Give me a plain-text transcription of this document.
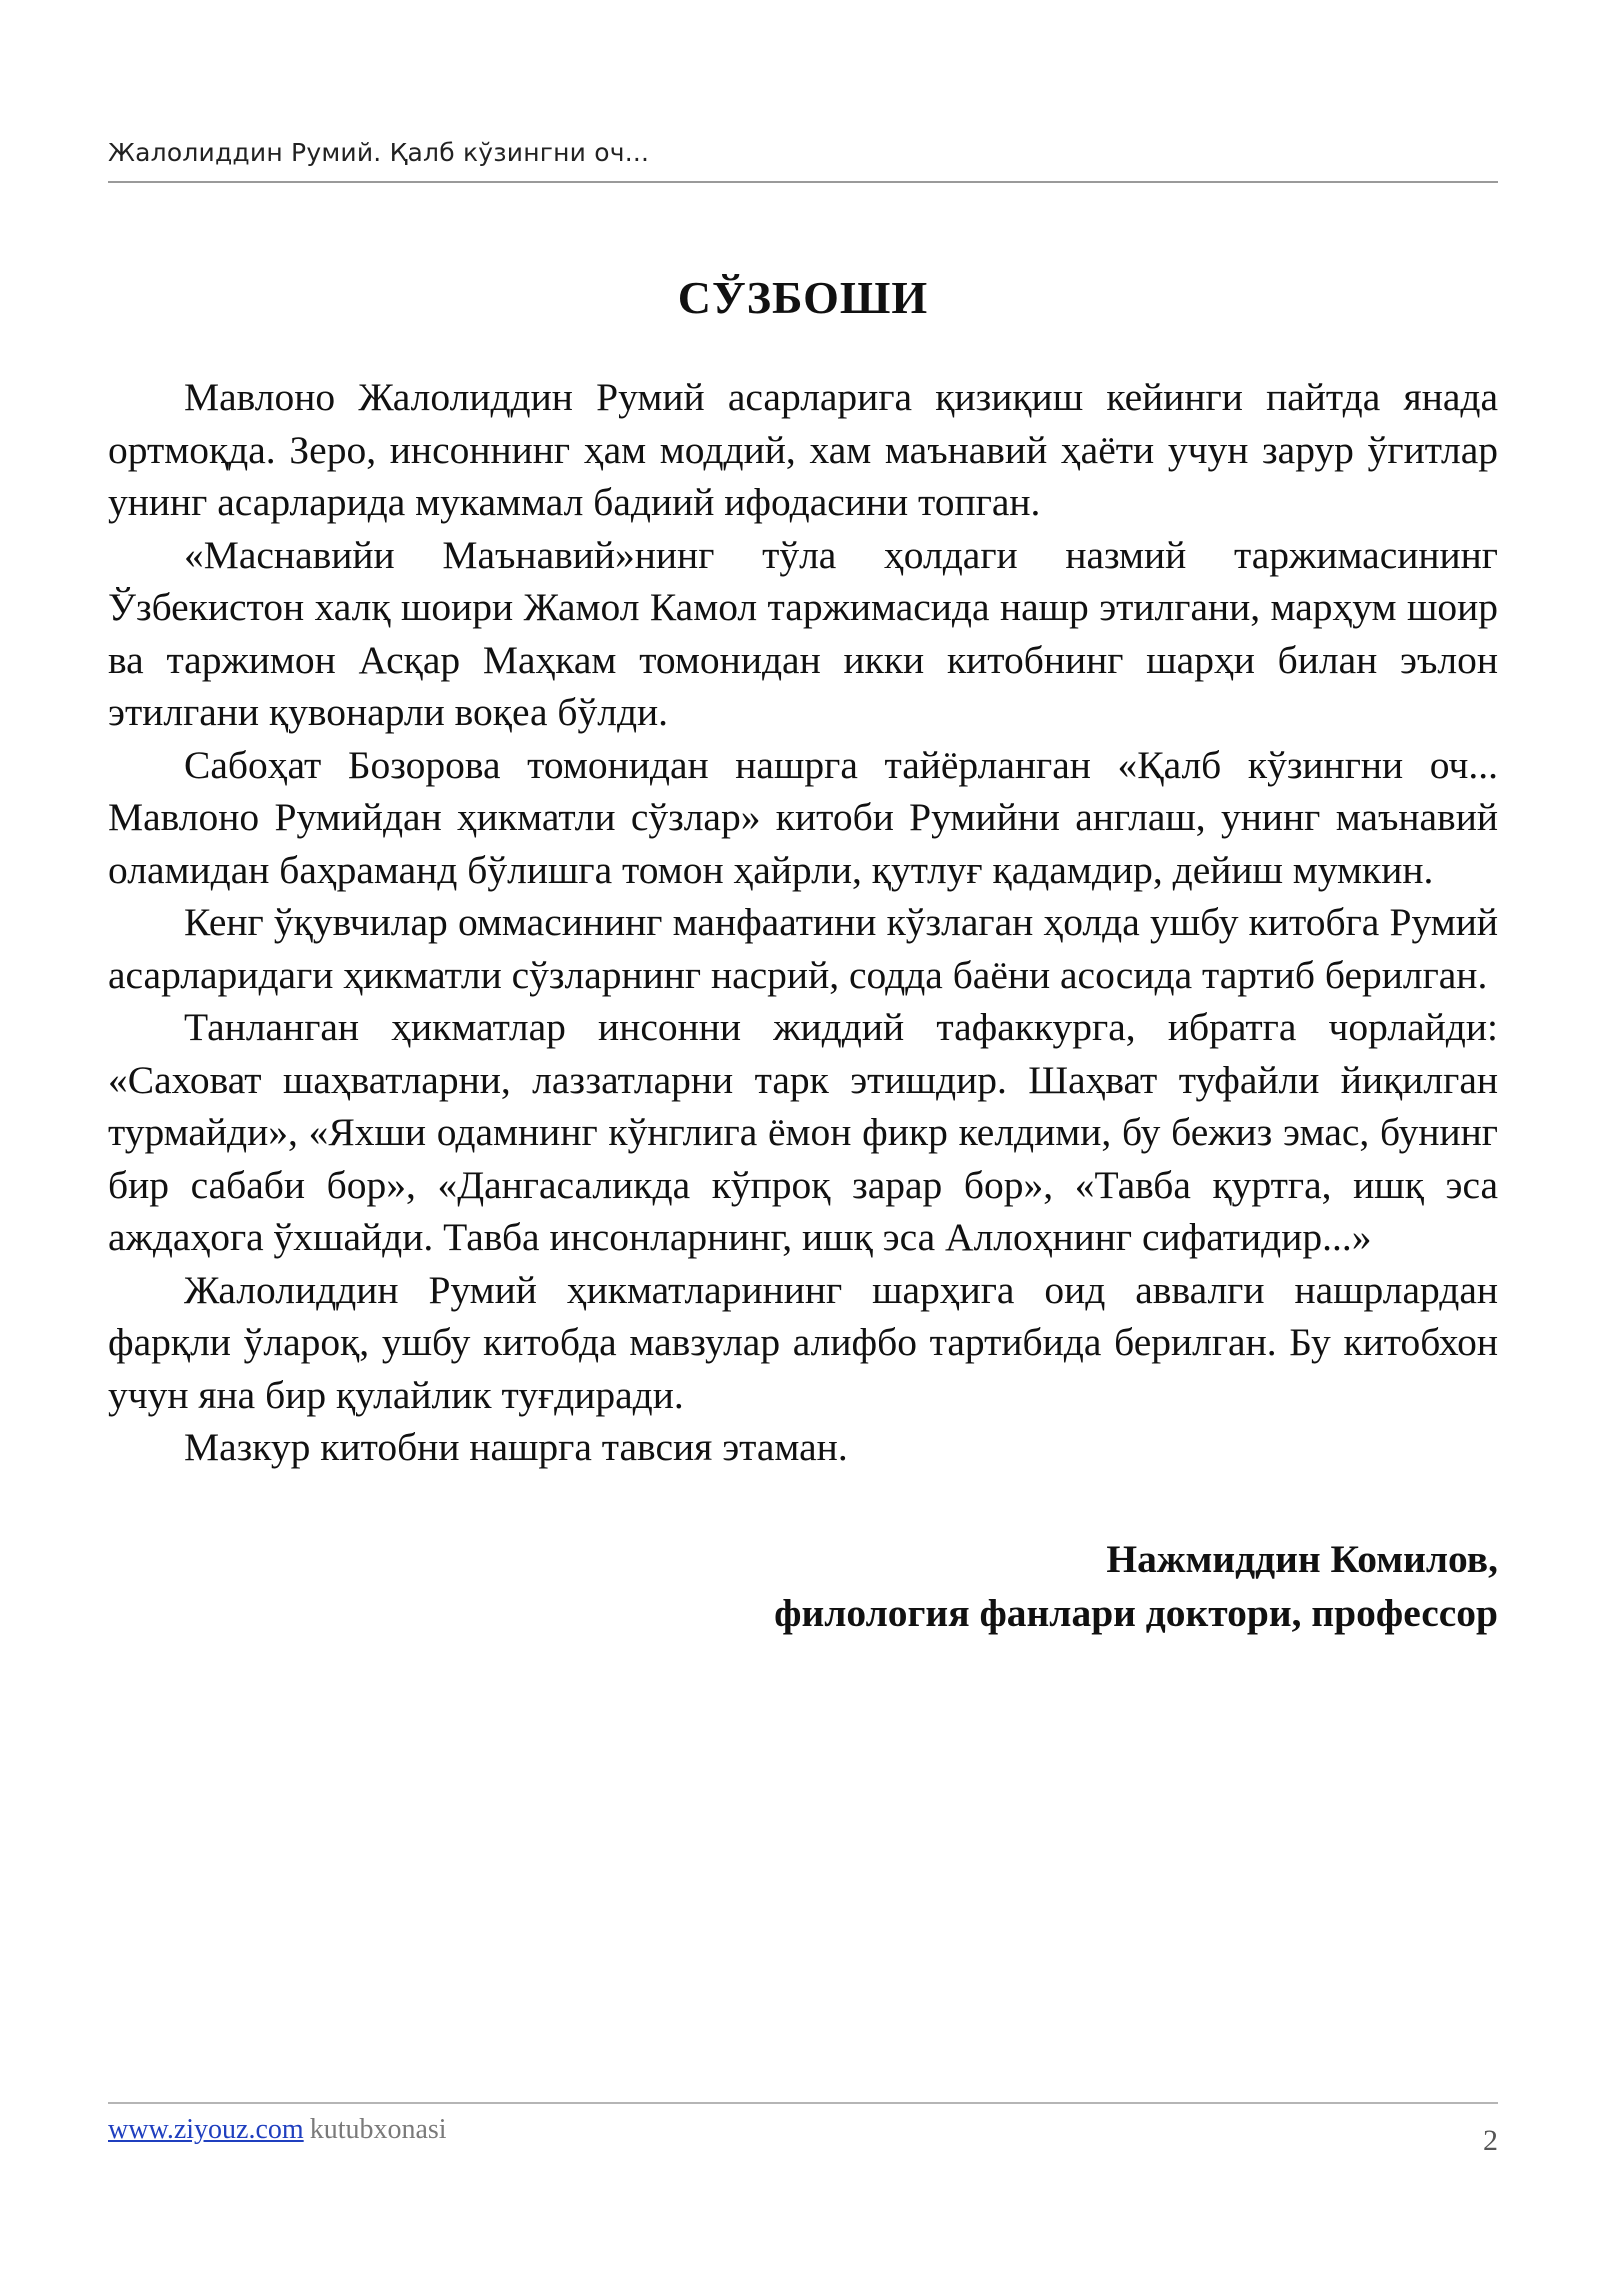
Жалолиддин Румий. Қалб кўзингни оч...
СЎЗБОШИ

Мавлоно Жалолиддин Румий асарларига қизиқиш кейинги пайтда янада ортмоқда. Зеро, инсоннинг ҳам моддий, хам маънавий ҳаёти учун зарур ўгитлар унинг асарларида мукаммал бадиий ифодасини топган.

«Маснавийи Маънавий»нинг тўла ҳолдаги назмий таржимасининг Ўзбекистон халқ шоири Жамол Камол таржимасида нашр этилгани, марҳум шоир ва таржимон Асқар Маҳкам томонидан икки китобнинг шарҳи билан эълон этилгани қувонарли воқеа бўлди.

Сабоҳат Бозорова томонидан нашрга тайёрланган «Қалб кўзингни оч... Мавлоно Румийдан ҳикматли сўзлар» китоби Румийни англаш, унинг маънавий оламидан баҳраманд бўлишга томон ҳайрли, қутлуғ қадамдир, дейиш мумкин.

Кенг ўқувчилар оммасининг манфаатини кўзлаган ҳолда ушбу китобга Румий асарларидаги ҳикматли сўзларнинг насрий, содда баёни асосида тартиб берилган.

Танланган ҳикматлар инсонни жиддий тафаккурга, ибратга чорлайди: «Саховат шаҳватларни, лаззатларни тарк этишдир. Шаҳват туфайли йиқилган турмайди», «Яхши одамнинг кўнглига ёмон фикр келдими, бу бежиз эмас, бунинг бир сабаби бор», «Дангасаликда кўпроқ зарар бор», «Тавба қуртга, ишқ эса аждаҳога ўхшайди. Тавба инсонларнинг, ишқ эса Аллоҳнинг сифатидир...»

Жалолиддин Румий ҳикматларининг шарҳига оид аввалги нашрлардан фарқли ўлароқ, ушбу китобда мавзулар алифбо тартибида берилган. Бу китобхон учун яна бир қулайлик туғдиради.

Мазкур китобни нашрга тавсия этаман.

Нажмиддин Комилов,
филология фанлари доктори, профессор
www.ziyouz.com kutubxonasi	2
